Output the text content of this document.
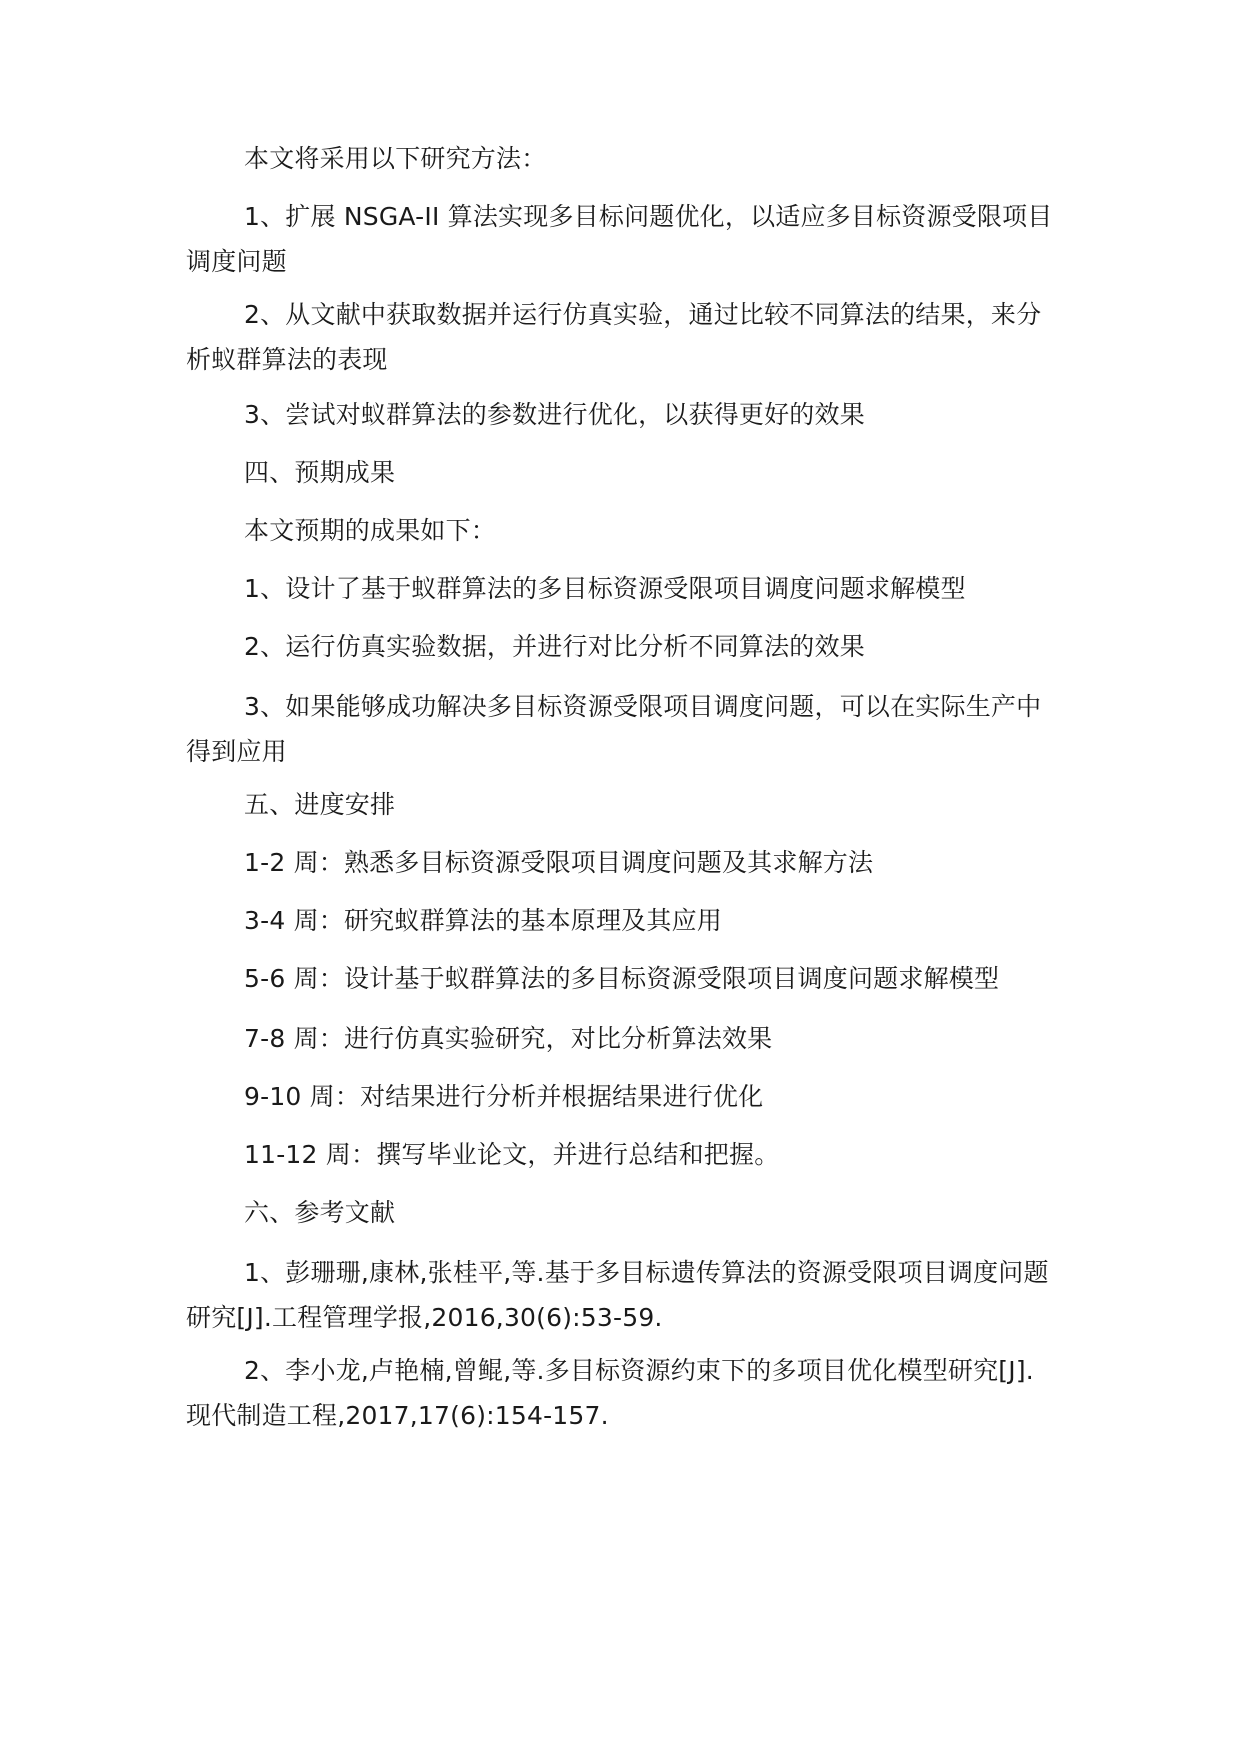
本文将采用以下研究方法：

1、扩展 NSGA-II 算法实现多目标问题优化，以适应多目标资源受限项目调度问题

2、从文献中获取数据并运行仿真实验，通过比较不同算法的结果，来分析蚁群算法的表现

3、尝试对蚁群算法的参数进行优化，以获得更好的效果

四、预期成果

本文预期的成果如下：

1、设计了基于蚁群算法的多目标资源受限项目调度问题求解模型

2、运行仿真实验数据，并进行对比分析不同算法的效果

3、如果能够成功解决多目标资源受限项目调度问题，可以在实际生产中得到应用

五、进度安排

1-2 周：熟悉多目标资源受限项目调度问题及其求解方法

3-4 周：研究蚁群算法的基本原理及其应用

5-6 周：设计基于蚁群算法的多目标资源受限项目调度问题求解模型

7-8 周：进行仿真实验研究，对比分析算法效果

9-10 周：对结果进行分析并根据结果进行优化

11-12 周：撰写毕业论文，并进行总结和把握。

六、参考文献

1、彭珊珊,康林,张桂平,等.基于多目标遗传算法的资源受限项目调度问题研究[J].工程管理学报,2016,30(6):53-59.

2、李小龙,卢艳楠,曾鲲,等.多目标资源约束下的多项目优化模型研究[J].现代制造工程,2017,17(6):154-157.
